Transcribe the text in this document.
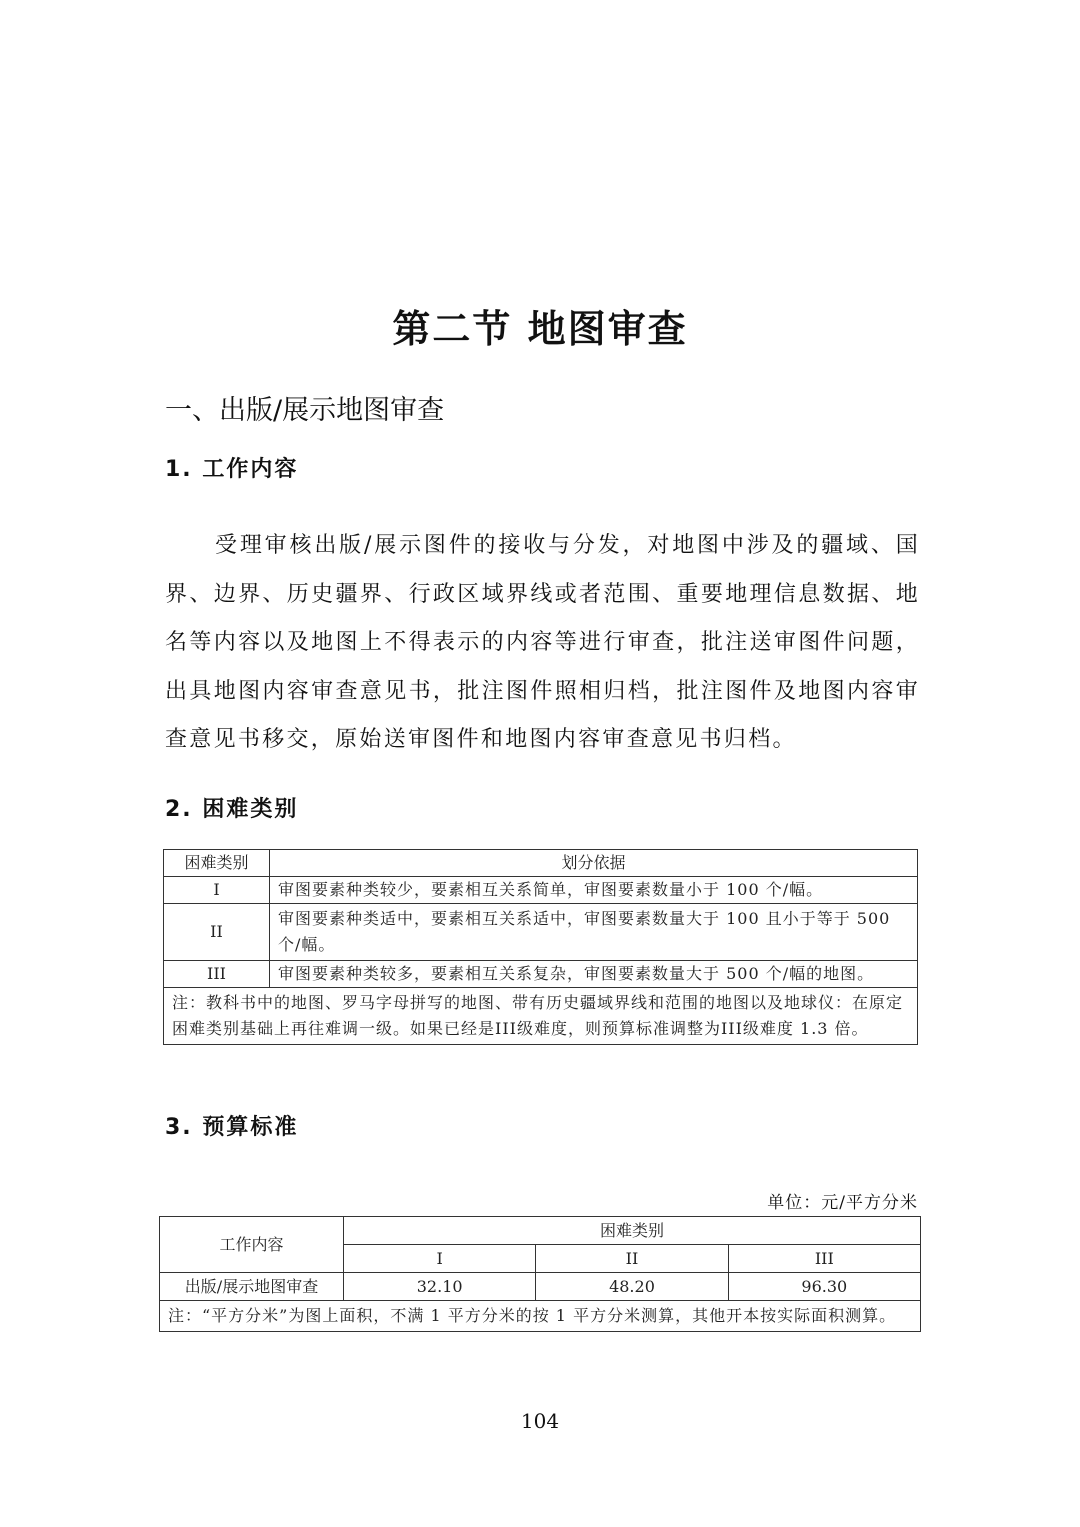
第二节 地图审查
一、出版/展示地图审查
1. 工作内容
受理审核出版/展示图件的接收与分发，对地图中涉及的疆域、国界、边界、历史疆界、行政区域界线或者范围、重要地理信息数据、地名等内容以及地图上不得表示的内容等进行审查，批注送审图件问题，出具地图内容审查意见书，批注图件照相归档，批注图件及地图内容审查意见书移交，原始送审图件和地图内容审查意见书归档。
2. 困难类别
困难类别	划分依据
I	审图要素种类较少，要素相互关系简单，审图要素数量小于 100 个/幅。
II	审图要素种类适中，要素相互关系适中，审图要素数量大于 100 且小于等于 500 个/幅。
III	审图要素种类较多，要素相互关系复杂，审图要素数量大于 500 个/幅的地图。
注：教科书中的地图、罗马字母拼写的地图、带有历史疆域界线和范围的地图以及地球仪：在原定困难类别基础上再往难调一级。如果已经是III级难度，则预算标准调整为III级难度 1.3 倍。	
3. 预算标准
单位：元/平方分米
工作内容	困难类别		
	I	II	III
出版/展示地图审查	32.10	48.20	96.30
注：“平方分米”为图上面积，不满 1 平方分米的按 1 平方分米测算，其他开本按实际面积测算。			
104
